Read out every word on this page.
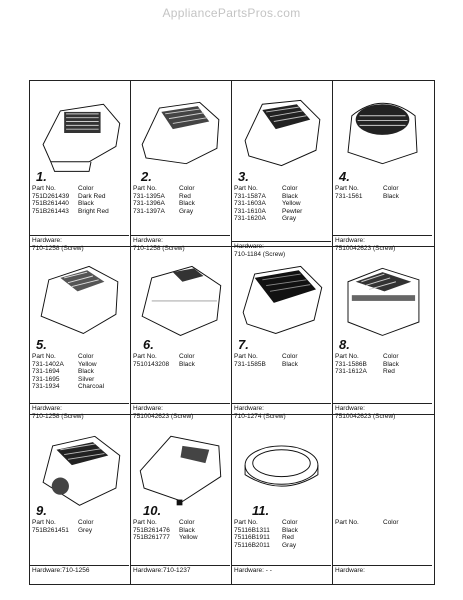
AppliancePartsPros.com
1.
Part No.
751D261439
751B261440
751B261443
Color
Dark Red
Black
Bright Red
Hardware:
710-1258 (Screw)
2.
Part No.
731-1395A
731-1396A
731-1397A
Color
Red
Black
Gray
Hardware:
710-1258 (Screw)
3.
Part No.
731-1587A
731-1603A
731-1610A
731-1620A
Color
Black
Yellow
Pewter
Gray
Hardware:
710-1184 (Screw)
4.
Part No.
731-1561
Color
Black
Hardware:
7510042623 (Screw)
5.
Part No.
731-1402A
731-1694
731-1695
731-1934
Color
Yellow
Black
Silver
Charcoal
Hardware:
710-1258 (Screw)
6.
Part No.
7510143208
Color
Black
Hardware:
7510042623 (Screw)
7.
Part No.
731-1585B
Color
Black
Hardware:
710-1274 (Screw)
8.
Part No.
731-1586B
731-1612A
Color
Black
Red
Hardware:
7510042623 (Screw)
9.
Part No.
751B261451
Color
Grey
Hardware:710-1256
10.
Part No.
751B261476
751B261777
Color
Black
Yellow
Hardware:710-1237
11.
Part No.
75116B1311
75116B1911
75116B2011
Color
Black
Red
Gray
Hardware: - -
Part No.	Color
Hardware:
